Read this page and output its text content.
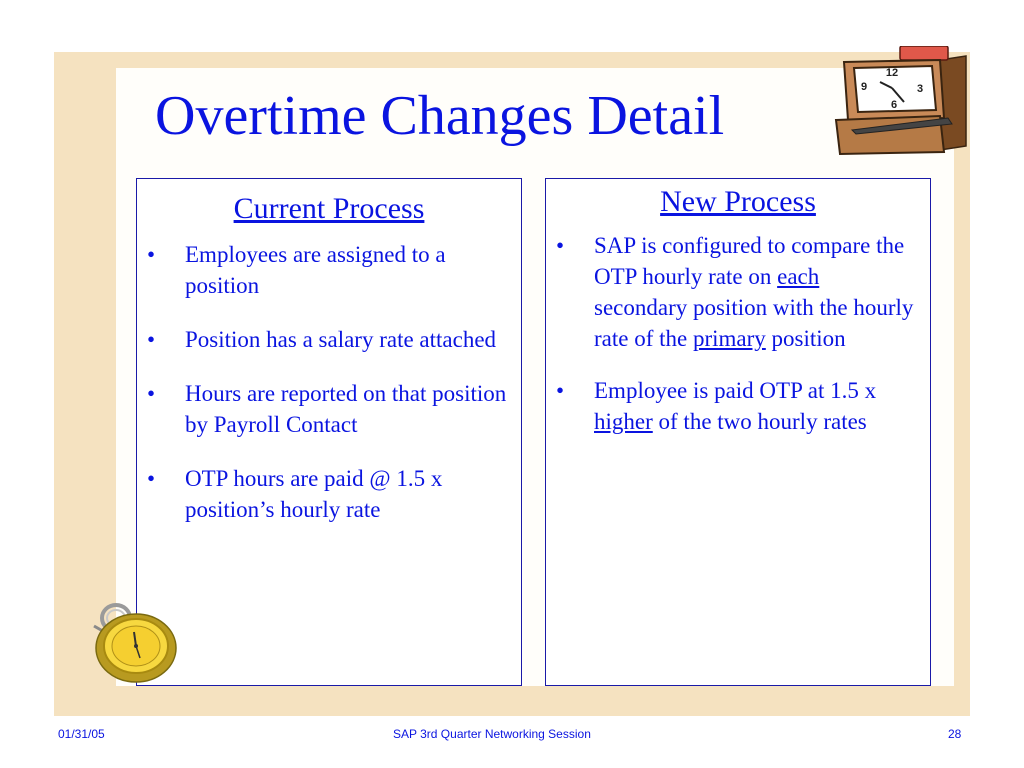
Overtime Changes Detail
12
3
6
9
Current Process
• Employees are assigned to a position
• Position has a salary rate attached
• Hours are reported on that position by Payroll Contact
• OTP hours are paid @ 1.5 x position’s hourly rate
New Process
• SAP is configured to compare the OTP hourly rate on each secondary position with the hourly rate of the primary position
• Employee is paid OTP at 1.5 x higher of the two hourly rates
01/31/05	SAP 3rd Quarter Networking Session	28
